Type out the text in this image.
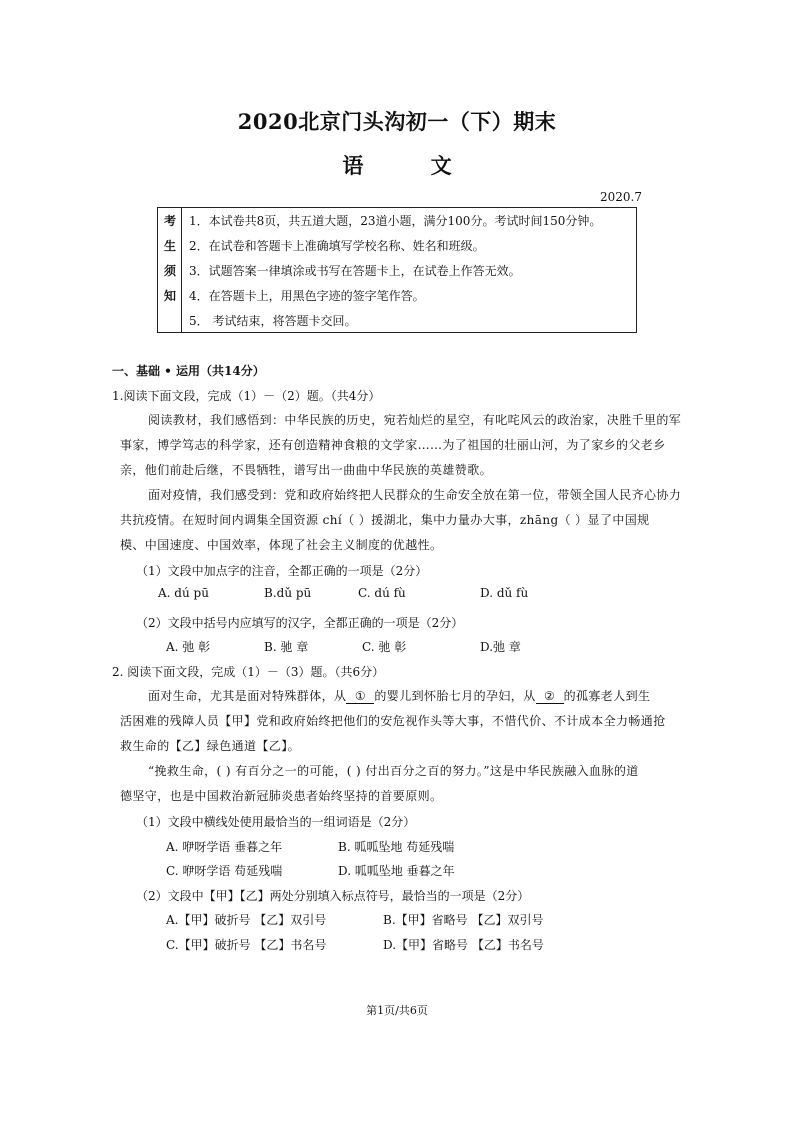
2020北京门头沟初一（下）期末
语 文
2020.7
考
生
须
知
1．本试卷共8页，共五道大题，23道小题，满分100分。考试时间150分钟。
2．在试卷和答题卡上准确填写学校名称、姓名和班级。
3．试题答案一律填涂或书写在答题卡上，在试卷上作答无效。
4．在答题卡上，用黑色字迹的签字笔作答。
5． 考试结束，将答题卡交回。
一、基础 • 运用（共14分）
1.阅读下面文段，完成（1）－（2）题。（共4分）
阅读教材，我们感悟到：中华民族的历史，宛若灿烂的星空，有叱咤风云的政治家，决胜千里的军
事家，博学笃志的科学家，还有创造精神食粮的文学家……为了祖国的壮丽山河，为了家乡的父老乡
亲，他们前赴后继，不畏牺牲，谱写出一曲曲中华民族的英雄赞歌。
面对疫情，我们感受到：党和政府始终把人民群众的生命安全放在第一位，带领全国人民齐心协力
共抗疫情。在短时间内调集全国资源 chí（ ）援湖北，集中力量办大事，zhāng（ ）显了中国规
模、中国速度、中国效率，体现了社会主义制度的优越性。
（1）文段中加点字的注音，全都正确的一项是（2分）
A. dú pū	B.dǔ pū	C. dú fù	D. dǔ fù
（2）文段中括号内应填写的汉字，全都正确的一项是（2分）
A. 弛 彰	B. 驰 章	C. 驰 彰	D.弛 章
2. 阅读下面文段，完成（1）－（3）题。（共6分）
面对生命，尤其是面对特殊群体，从 ① 的婴儿到怀胎七月的孕妇，从 ② 的孤寡老人到生
活困难的残障人员【甲】党和政府始终把他们的安危视作头等大事，不惜代价、不计成本全力畅通抢
救生命的【乙】绿色通道【乙】。
“挽救生命，( ) 有百分之一的可能，( ) 付出百分之百的努力。”这是中华民族融入血脉的道
德坚守，也是中国救治新冠肺炎患者始终坚持的首要原则。
（1）文段中横线处使用最恰当的一组词语是（2分）
A. 咿呀学语 垂暮之年	B. 呱呱坠地 苟延残喘
C. 咿呀学语 苟延残喘	D. 呱呱坠地 垂暮之年
（2）文段中【甲】【乙】两处分别填入标点符号，最恰当的一项是（2分）
A.【甲】破折号 【乙】双引号	B.【甲】省略号 【乙】双引号
C.【甲】破折号 【乙】书名号	D.【甲】省略号 【乙】书名号
第1页/共6页
